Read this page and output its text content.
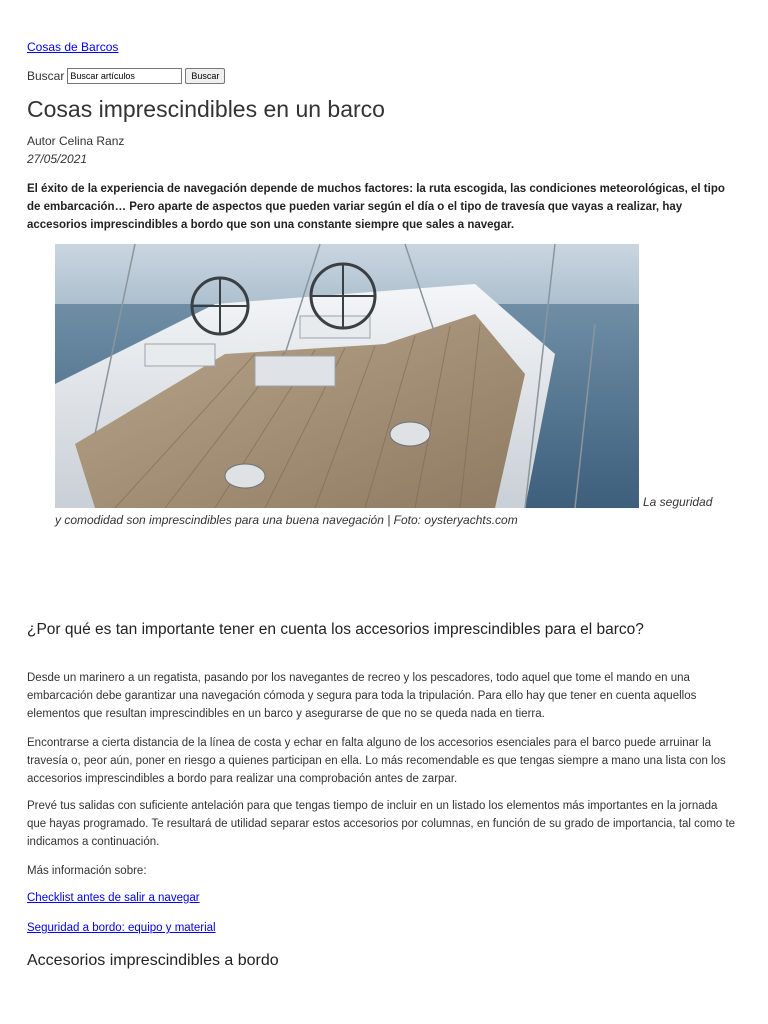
Cosas de Barcos
Buscar
Buscar artículos	Buscar
Cosas imprescindibles en un barco
Autor Celina Ranz
27/05/2021

El éxito de la experiencia de navegación depende de muchos factores: la ruta escogida, las condiciones meteorológicas, el tipo de embarcación… Pero aparte de aspectos que pueden variar según el día o el tipo de travesía que vayas a realizar, hay accesorios imprescindibles a bordo que son una constante siempre que sales a navegar.

La seguridad
y comodidad son imprescindibles para una buena navegación | Foto: oysteryachts.com
¿Por qué es tan importante tener en cuenta los accesorios imprescindibles para el barco?

Desde un marinero a un regatista, pasando por los navegantes de recreo y los pescadores, todo aquel que tome el mando en una embarcación debe garantizar una navegación cómoda y segura para toda la tripulación. Para ello hay que tener en cuenta aquellos elementos que resultan imprescindibles en un barco y asegurarse de que no se queda nada en tierra.

Encontrarse a cierta distancia de la línea de costa y echar en falta alguno de los accesorios esenciales para el barco puede arruinar la travesía o, peor aún, poner en riesgo a quienes participan en ella. Lo más recomendable es que tengas siempre a mano una lista con los accesorios imprescindibles a bordo para realizar una comprobación antes de zarpar.

Prevé tus salidas con suficiente antelación para que tengas tiempo de incluir en un listado los elementos más importantes en la jornada que hayas programado. Te resultará de utilidad separar estos accesorios por columnas, en función de su grado de importancia, tal como te indicamos a continuación.

Más información sobre:

Checklist antes de salir a navegar
Seguridad a bordo: equipo y material
Accesorios imprescindibles a bordo
